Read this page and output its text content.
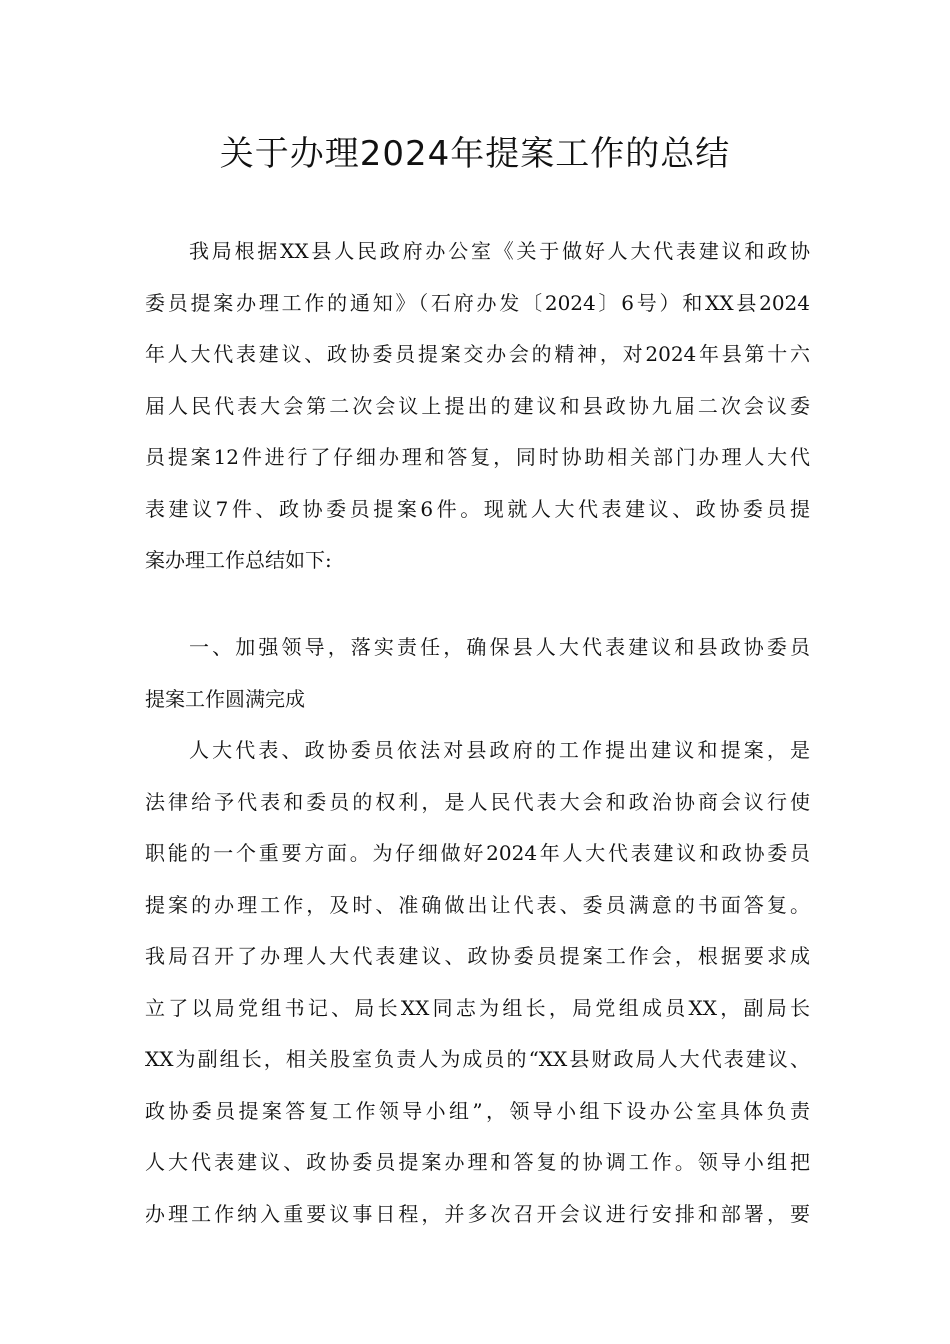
关于办理2024年提案工作的总结
我局根据XX县人民政府办公室《关于做好人大代表建议和政协
委员提案办理工作的通知》（石府办发〔2024〕6号）和XX县2024
年人大代表建议、政协委员提案交办会的精神，对2024年县第十六
届人民代表大会第二次会议上提出的建议和县政协九届二次会议委
员提案12件进行了仔细办理和答复，同时协助相关部门办理人大代
表建议7件、政协委员提案6件。现就人大代表建议、政协委员提
案办理工作总结如下:
一、加强领导，落实责任，确保县人大代表建议和县政协委员
提案工作圆满完成
人大代表、政协委员依法对县政府的工作提出建议和提案，是
法律给予代表和委员的权利，是人民代表大会和政治协商会议行使
职能的一个重要方面。为仔细做好2024年人大代表建议和政协委员
提案的办理工作，及时、准确做出让代表、委员满意的书面答复。
我局召开了办理人大代表建议、政协委员提案工作会，根据要求成
立了以局党组书记、局长XX同志为组长，局党组成员XX，副局长
XX为副组长，相关股室负责人为成员的“XX县财政局人大代表建议、
政协委员提案答复工作领导小组”，领导小组下设办公室具体负责
人大代表建议、政协委员提案办理和答复的协调工作。领导小组把
办理工作纳入重要议事日程，并多次召开会议进行安排和部署，要
